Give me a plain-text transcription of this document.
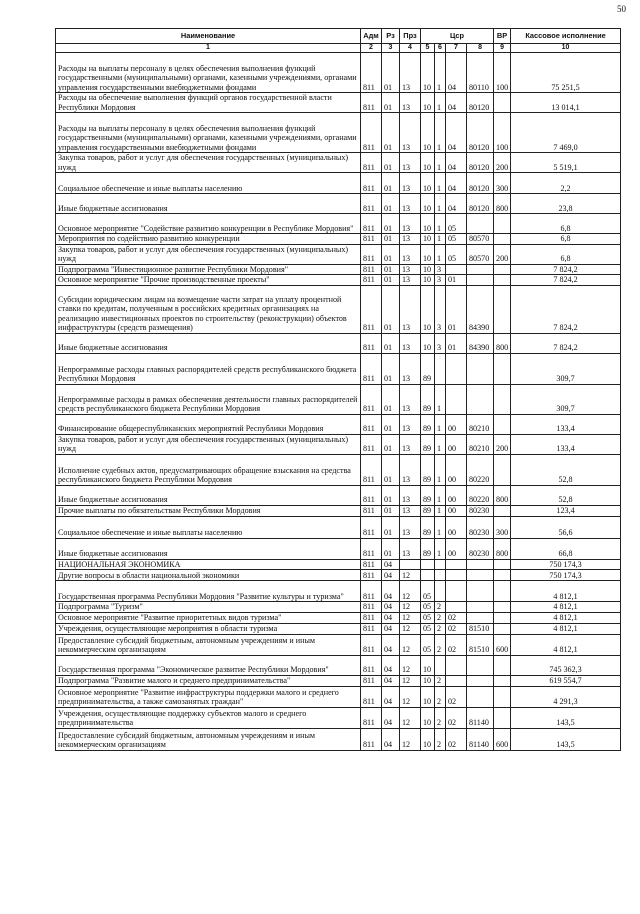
50
Наименование	Адм	Рз	Прз	Цср				ВР	Кассовое исполнение
1	2	3	4	5	6	7	8	9	10
Расходы на выплаты персоналу в целях обеспечения выполнения функций государственными (муниципальными) органами, казенными учреждениями, органами управления государственными внебюджетными фондами	811	01	13	10	1	04	80110	100	75 251,5
Расходы на обеспечение выполнения функций органов государственной власти Республики Мордовия	811	01	13	10	1	04	80120		13 014,1
Расходы на выплаты персоналу в целях обеспечения выполнения функций государственными (муниципальными) органами, казенными учреждениями, органами управления государственными внебюджетными фондами	811	01	13	10	1	04	80120	100	7 469,0
Закупка товаров, работ и услуг для обеспечения государственных (муниципальных) нужд	811	01	13	10	1	04	80120	200	5 519,1
Социальное обеспечение и иные выплаты населению	811	01	13	10	1	04	80120	300	2,2
Иные бюджетные ассигнования	811	01	13	10	1	04	80120	800	23,8
Основное мероприятие "Содействие развитию конкуренции в Республике Мордовия"	811	01	13	10	1	05			6,8
Мероприятия по содействию развитию конкуренции	811	01	13	10	1	05	80570		6,8
Закупка товаров, работ и услуг для обеспечения государственных (муниципальных) нужд	811	01	13	10	1	05	80570	200	6,8
Подпрограмма "Инвестиционное развитие Республики Мордовия"	811	01	13	10	3				7 824,2
Основное мероприятие "Прочие производственные проекты"	811	01	13	10	3	01			7 824,2
Субсидии юридическим лицам на возмещение части затрат на уплату процентной ставки по кредитам, полученным в российских кредитных организациях на реализацию инвестиционных проектов по строительству (реконструкции) объектов инфраструктуры (средств размещения)	811	01	13	10	3	01	84390		7 824,2
Иные бюджетные ассигнования	811	01	13	10	3	01	84390	800	7 824,2
Непрограммные расходы главных распорядителей средств республиканского бюджета Республики Мордовия	811	01	13	89					309,7
Непрограммные расходы в рамках обеспечения деятельности главных распорядителей средств республиканского бюджета Республики Мордовия	811	01	13	89	1				309,7
Финансирование общереспубликанских мероприятий Республики Мордовия	811	01	13	89	1	00	80210		133,4
Закупка товаров, работ и услуг для обеспечения государственных (муниципальных) нужд	811	01	13	89	1	00	80210	200	133,4
Исполнение судебных актов, предусматривающих обращение взыскания на средства республиканского бюджета Республики Мордовия	811	01	13	89	1	00	80220		52,8
Иные бюджетные ассигнования	811	01	13	89	1	00	80220	800	52,8
Прочие выплаты по обязательствам Республики Мордовия	811	01	13	89	1	00	80230		123,4
Социальное обеспечение и иные выплаты населению	811	01	13	89	1	00	80230	300	56,6
Иные бюджетные ассигнования	811	01	13	89	1	00	80230	800	66,8
НАЦИОНАЛЬНАЯ ЭКОНОМИКА	811	04							750 174,3
Другие вопросы в области национальной экономики	811	04	12						750 174,3
Государственная программа Республики Мордовия "Развитие культуры и туризма"	811	04	12	05					4 812,1
Подпрограмма "Туризм"	811	04	12	05	2				4 812,1
Основное мероприятие "Развитие приоритетных видов туризма"	811	04	12	05	2	02			4 812,1
Учреждения, осуществляющие мероприятия в области туризма	811	04	12	05	2	02	81510		4 812,1
Предоставление субсидий бюджетным, автономным учреждениям и иным некоммерческим организациям	811	04	12	05	2	02	81510	600	4 812,1
Государственная программа "Экономическое развитие Республики Мордовия"	811	04	12	10					745 362,3
Подпрограмма "Развитие малого и среднего предпринимательства"	811	04	12	10	2				619 554,7
Основное мероприятие "Развитие инфраструктуры поддержки малого и среднего предпринимательства, а также самозанятых граждан"	811	04	12	10	2	02			4 291,3
Учреждения, осуществляющие поддержку субъектов малого и среднего предпринимательства	811	04	12	10	2	02	81140		143,5
Предоставление субсидий бюджетным, автономным учреждениям и иным некоммерческим организациям	811	04	12	10	2	02	81140	600	143,5
